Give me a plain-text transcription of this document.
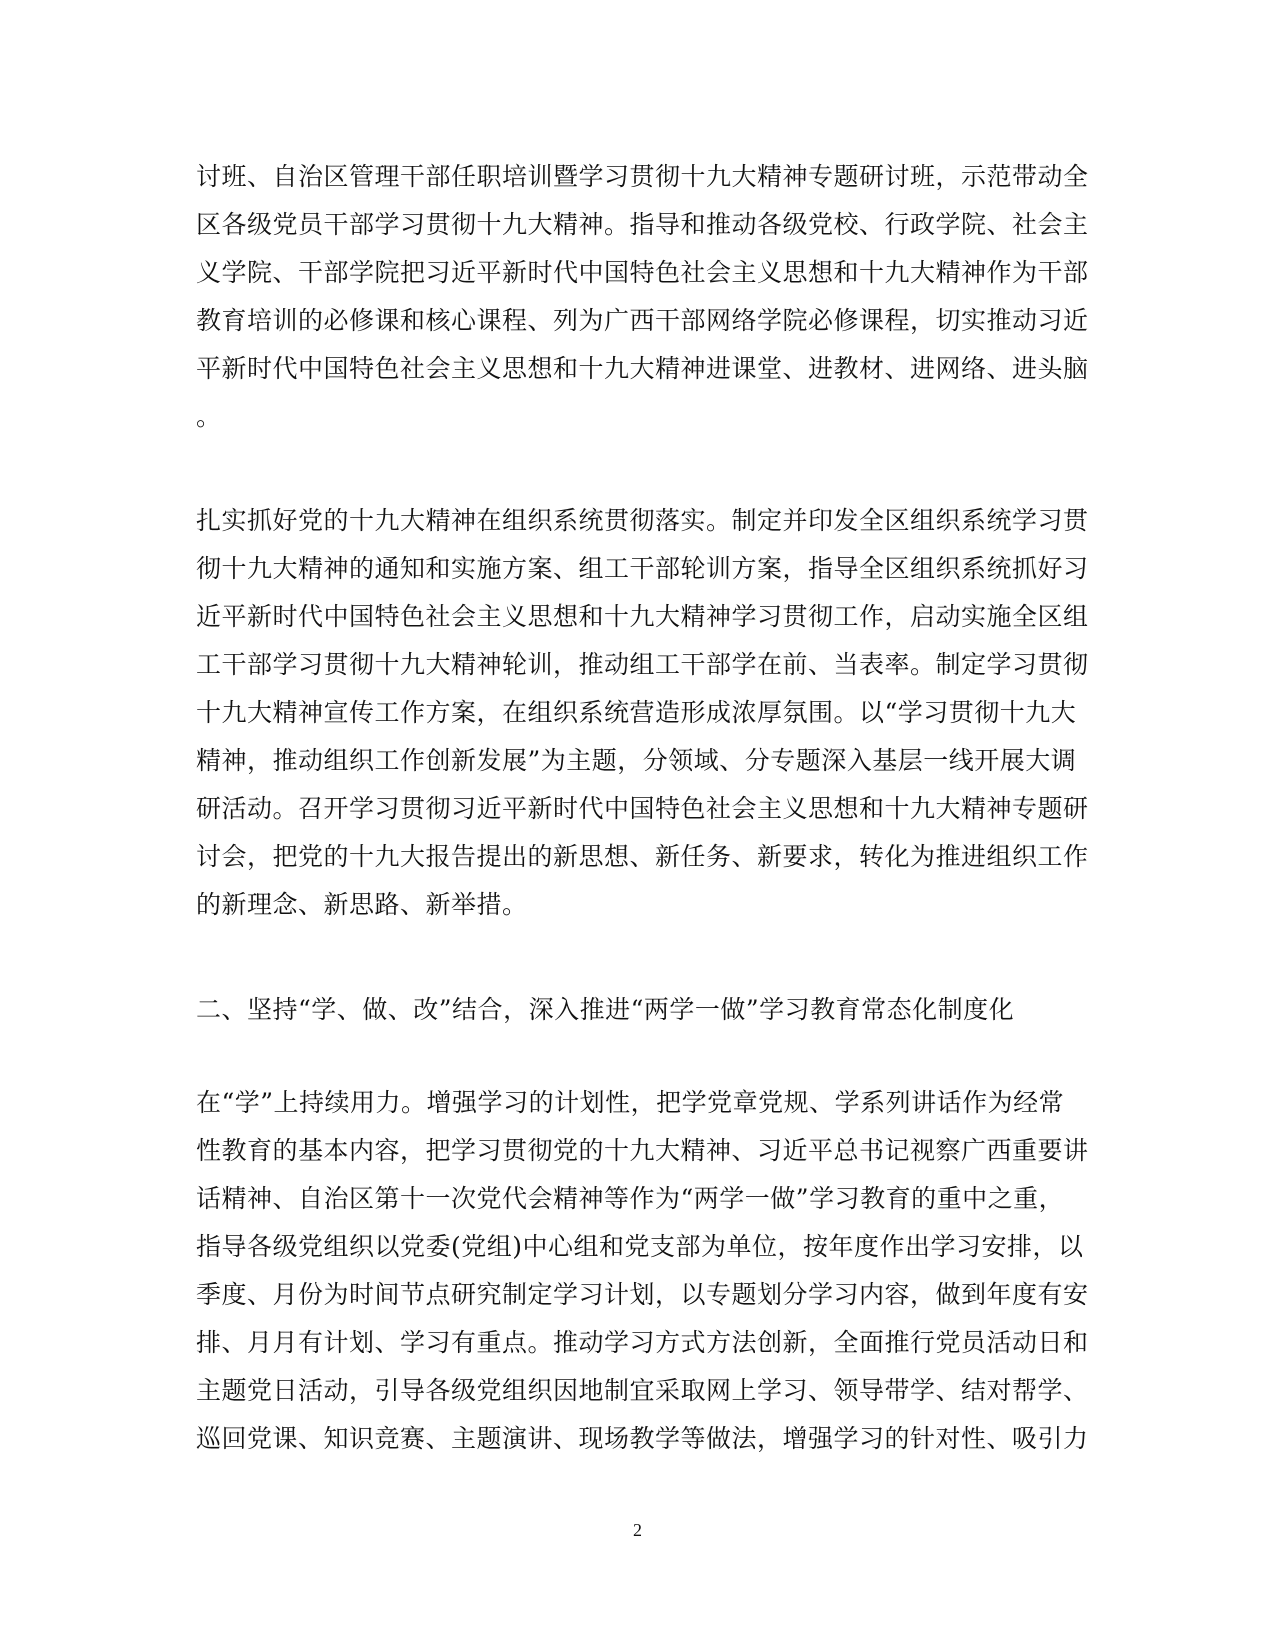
讨班、自治区管理干部任职培训暨学习贯彻十九大精神专题研讨班，示范带动全
区各级党员干部学习贯彻十九大精神。指导和推动各级党校、行政学院、社会主
义学院、干部学院把习近平新时代中国特色社会主义思想和十九大精神作为干部
教育培训的必修课和核心课程、列为广西干部网络学院必修课程，切实推动习近
平新时代中国特色社会主义思想和十九大精神进课堂、进教材、进网络、进头脑
。
扎实抓好党的十九大精神在组织系统贯彻落实。制定并印发全区组织系统学习贯
彻十九大精神的通知和实施方案、组工干部轮训方案，指导全区组织系统抓好习
近平新时代中国特色社会主义思想和十九大精神学习贯彻工作，启动实施全区组
工干部学习贯彻十九大精神轮训，推动组工干部学在前、当表率。制定学习贯彻
十九大精神宣传工作方案，在组织系统营造形成浓厚氛围。以“学习贯彻十九大
精神，推动组织工作创新发展”为主题，分领域、分专题深入基层一线开展大调
研活动。召开学习贯彻习近平新时代中国特色社会主义思想和十九大精神专题研
讨会，把党的十九大报告提出的新思想、新任务、新要求，转化为推进组织工作
的新理念、新思路、新举措。
二、坚持“学、做、改”结合，深入推进“两学一做”学习教育常态化制度化
在“学”上持续用力。增强学习的计划性，把学党章党规、学系列讲话作为经常
性教育的基本内容，把学习贯彻党的十九大精神、习近平总书记视察广西重要讲
话精神、自治区第十一次党代会精神等作为“两学一做”学习教育的重中之重，
指导各级党组织以党委(党组)中心组和党支部为单位，按年度作出学习安排，以
季度、月份为时间节点研究制定学习计划，以专题划分学习内容，做到年度有安
排、月月有计划、学习有重点。推动学习方式方法创新，全面推行党员活动日和
主题党日活动，引导各级党组织因地制宜采取网上学习、领导带学、结对帮学、
巡回党课、知识竞赛、主题演讲、现场教学等做法，增强学习的针对性、吸引力
2
